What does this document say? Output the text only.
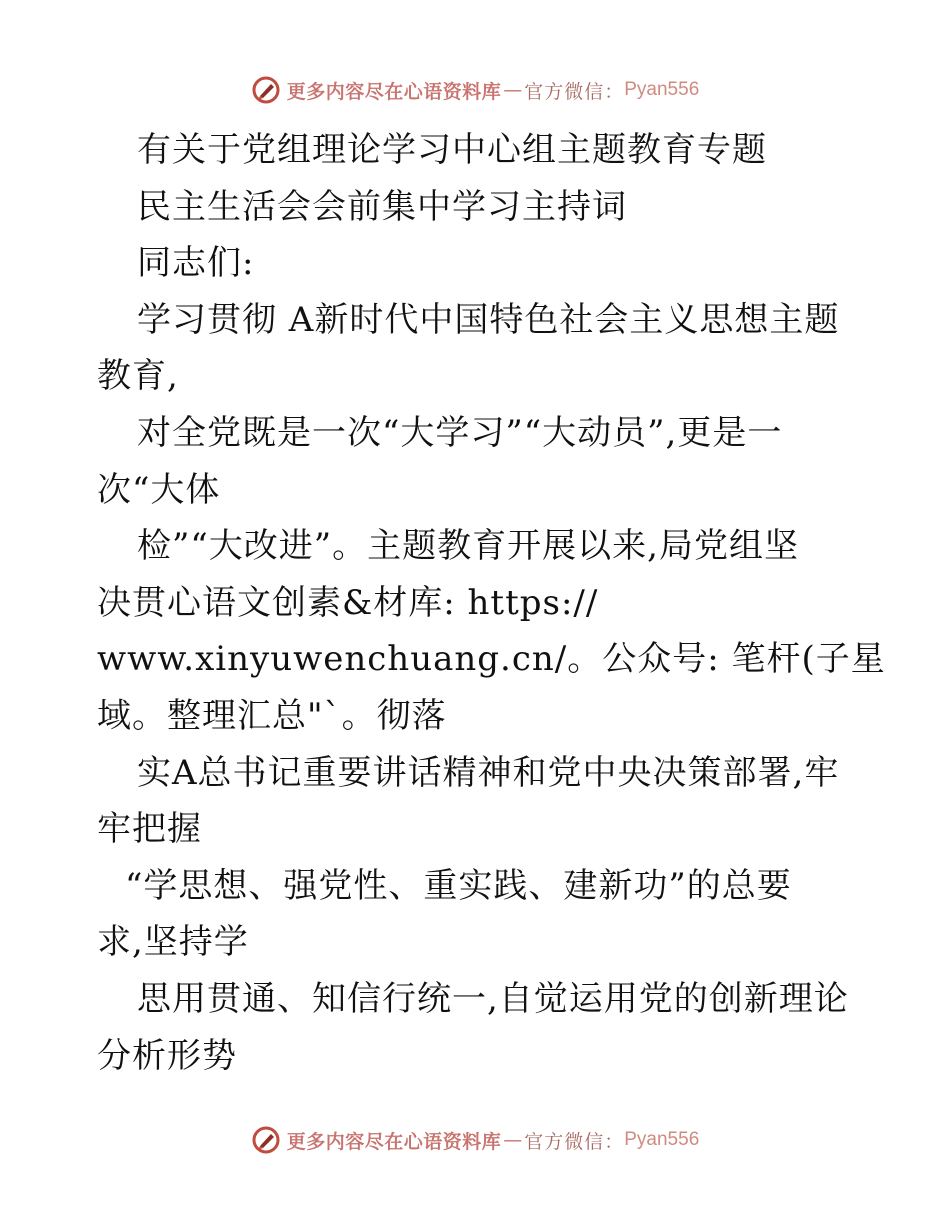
更多内容尽在心语资料库 — 官方微信： Pyan556
有关于党组理论学习中心组主题教育专题
民主生活会会前集中学习主持词
同志们:
学习贯彻 A新时代中国特色社会主义思想主题
教育,
对全党既是一次“大学习”“大动员”,更是一
次“大体
检”“大改进”。主题教育开展以来,局党组坚
决贯心语文创素&材库: https://
www.xinyuwenchuang.cn/。公众号: 笔杆(子星
域。整理汇总"`。彻落
实A总书记重要讲话精神和党中央决策部署,牢
牢把握
“学思想、强党性、重实践、建新功”的总要
求,坚持学
思用贯通、知信行统一,自觉运用党的创新理论
分析形势
更多内容尽在心语资料库 — 官方微信： Pyan556
